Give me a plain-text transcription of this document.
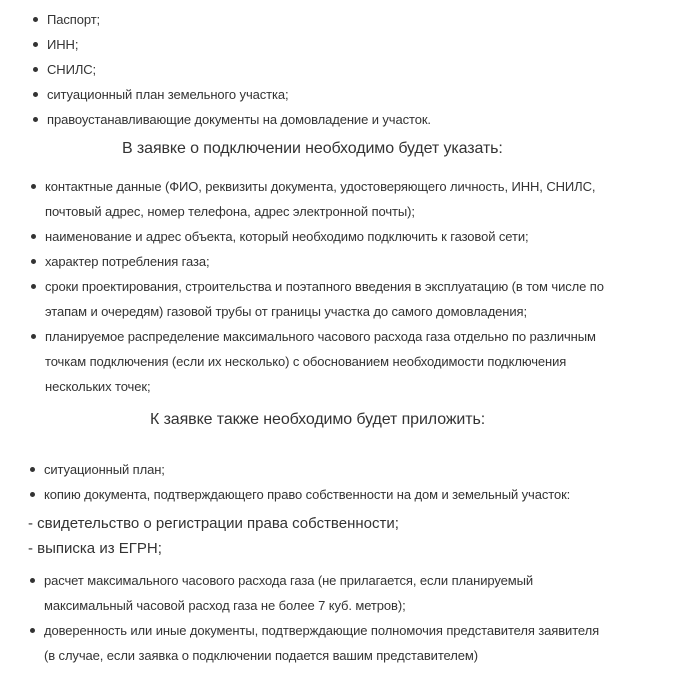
Паспорт;
ИНН;
СНИЛС;
ситуационный план земельного участка;
правоустанавливающие документы на домовладение и участок.
В заявке о подключении необходимо будет указать:
контактные данные (ФИО, реквизиты документа, удостоверяющего личность, ИНН, СНИЛС, почтовый адрес, номер телефона, адрес электронной почты);
наименование и адрес объекта, который необходимо подключить к газовой сети;
характер потребления газа;
сроки проектирования, строительства и поэтапного введения в эксплуатацию (в том числе по этапам и очередям) газовой трубы от границы участка до самого домовладения;
планируемое распределение максимального часового расхода газа отдельно по различным точкам подключения (если их несколько) с обоснованием необходимости подключения нескольких точек;
К заявке также необходимо будет приложить:
ситуационный план;
копию документа, подтверждающего право собственности на дом и земельный участок:
- свидетельство о регистрации права собственности;
- выписка из ЕГРН;
расчет максимального часового расхода газа (не прилагается, если планируемый максимальный часовой расход газа не более 7 куб. метров);
доверенность или иные документы, подтверждающие полномочия представителя заявителя (в случае, если заявка о подключении подается вашим представителем)
